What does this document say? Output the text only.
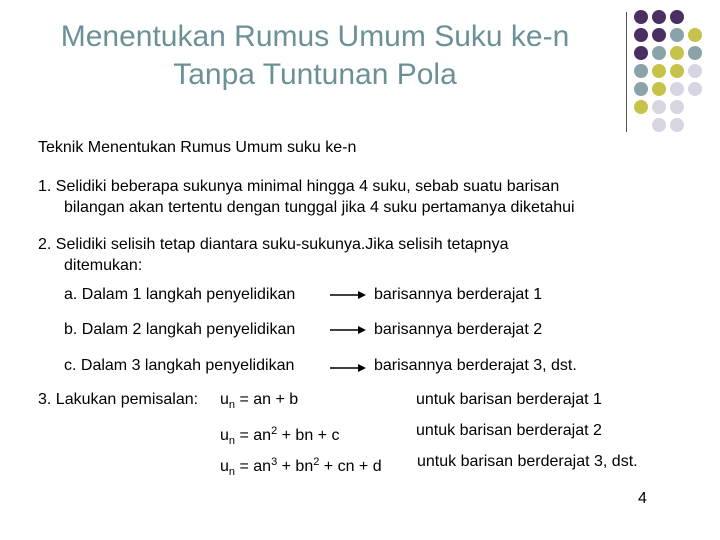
Menentukan Rumus Umum Suku ke-n
Tanpa Tuntunan Pola
Teknik Menentukan Rumus Umum suku ke-n
1. Selidiki beberapa sukunya minimal hingga 4 suku, sebab suatu barisan
bilangan akan tertentu dengan tunggal jika 4 suku pertamanya diketahui
2. Selidiki selisih tetap diantara suku-sukunya.Jika selisih tetapnya
ditemukan:
a. Dalam 1 langkah penyelidikan	barisannya berderajat 1
b. Dalam 2 langkah penyelidikan	barisannya berderajat 2
c. Dalam 3 langkah penyelidikan	barisannya berderajat 3, dst.
3. Lakukan pemisalan: $u_n$ = an + b	untuk barisan berderajat 1
$u_n = an^2$ + bn + c	untuk barisan berderajat 2
$u_n = an^3 + bn^2$ + cn + d untuk barisan berderajat 3, dst.
4
